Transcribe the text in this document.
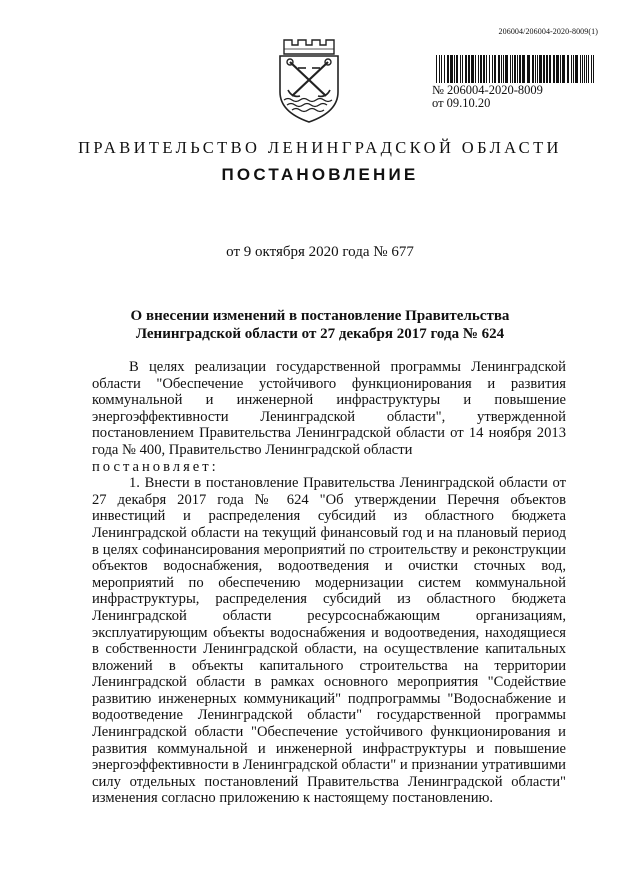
206004/206004-2020-8009(1)
№ 206004-2020-8009
от 09.10.20
ПРАВИТЕЛЬСТВО ЛЕНИНГРАДСКОЙ ОБЛАСТИ
ПОСТАНОВЛЕНИЕ
от 9 октября 2020 года № 677
О внесении изменений в постановление Правительства
Ленинградской области от 27 декабря 2017 года № 624

В целях реализации государственной программы Ленинградской области "Обеспечение устойчивого функционирования и развития коммунальной и инженерной инфраструктуры и повышение энергоэффективности Ленинградской области", утвержденной постановлением Правительства Ленинградской области от 14 ноября 2013 года № 400, Правительство Ленинградской области

постановляет:

1. Внести в постановление Правительства Ленинградской области от 27 декабря 2017 года № 624 "Об утверждении Перечня объектов инвестиций и распределения субсидий из областного бюджета Ленинградской области на текущий финансовый год и на плановый период в целях софинансирования мероприятий по строительству и реконструкции объектов водоснабжения, водоотведения и очистки сточных вод, мероприятий по обеспечению модернизации систем коммунальной инфраструктуры, распределения субсидий из областного бюджета Ленинградской области ресурсоснабжающим организациям, эксплуатирующим объекты водоснабжения и водоотведения, находящиеся в собственности Ленинградской области, на осуществление капитальных вложений в объекты капитального строительства на территории Ленинградской области в рамках основного мероприятия "Содействие развитию инженерных коммуникаций" подпрограммы "Водоснабжение и водоотведение Ленинградской области" государственной программы Ленинградской области "Обеспечение устойчивого функционирования и развития коммунальной и инженерной инфраструктуры и повышение энергоэффективности в Ленинградской области" и признании утратившими силу отдельных постановлений Правительства Ленинградской области" изменения согласно приложению к настоящему постановлению.
